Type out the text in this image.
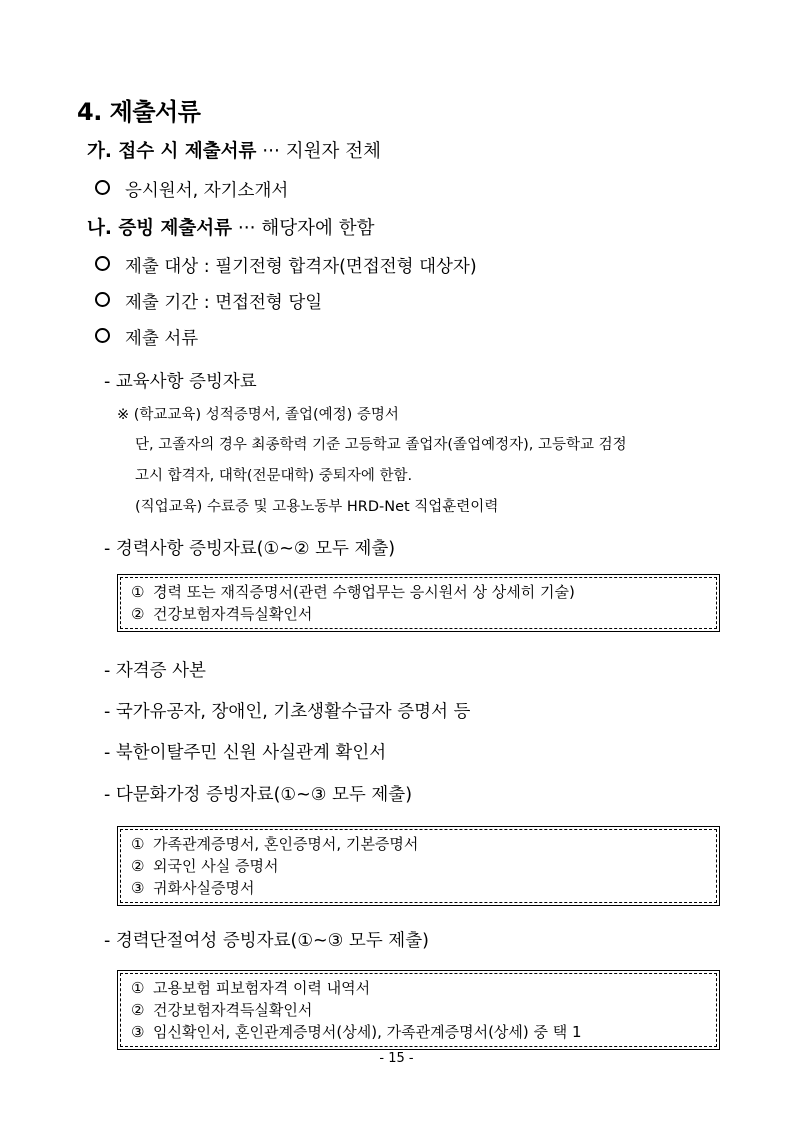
4. 제출서류
가. 접수 시 제출서류 ··· 지원자 전체
응시원서, 자기소개서
나. 증빙 제출서류 ··· 해당자에 한함
제출 대상 : 필기전형 합격자(면접전형 대상자)
제출 기간 : 면접전형 당일
제출 서류
- 교육사항 증빙자료
※ (학교교육) 성적증명서, 졸업(예정) 증명서
단, 고졸자의 경우 최종학력 기준 고등학교 졸업자(졸업예정자), 고등학교 검정
고시 합격자, 대학(전문대학) 중퇴자에 한함.
(직업교육) 수료증 및 고용노동부 HRD-Net 직업훈련이력
- 경력사항 증빙자료(①~② 모두 제출)
① 경력 또는 재직증명서(관련 수행업무는 응시원서 상 상세히 기술)
② 건강보험자격득실확인서
- 자격증 사본
- 국가유공자, 장애인, 기초생활수급자 증명서 등
- 북한이탈주민 신원 사실관계 확인서
- 다문화가정 증빙자료(①~③ 모두 제출)
① 가족관계증명서, 혼인증명서, 기본증명서
② 외국인 사실 증명서
③ 귀화사실증명서
- 경력단절여성 증빙자료(①~③ 모두 제출)
① 고용보험 피보험자격 이력 내역서
② 건강보험자격득실확인서
③ 임신확인서, 혼인관계증명서(상세), 가족관계증명서(상세) 중 택 1
- 15 -
